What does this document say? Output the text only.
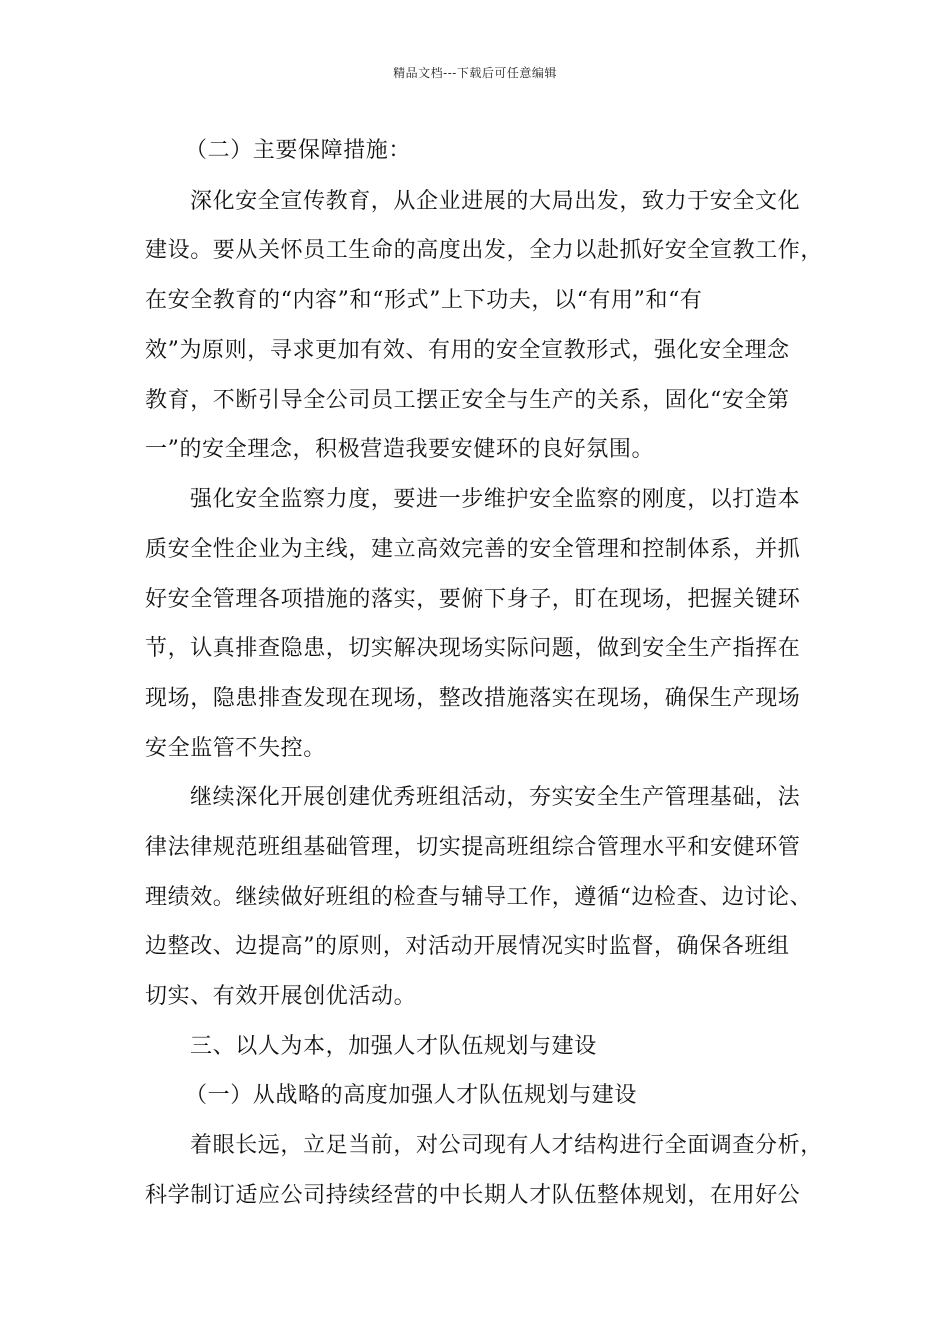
精品文档---下载后可任意编辑
（二）主要保障措施：
深化安全宣传教育，从企业进展的大局出发，致力于安全文化
建设。要从关怀员工生命的高度出发，全力以赴抓好安全宣教工作，
在安全教育的“内容”和“形式”上下功夫，以“有用”和“有
效”为原则，寻求更加有效、有用的安全宣教形式，强化安全理念
教育，不断引导全公司员工摆正安全与生产的关系，固化“安全第
一”的安全理念，积极营造我要安健环的良好氛围。
强化安全监察力度，要进一步维护安全监察的刚度，以打造本
质安全性企业为主线，建立高效完善的安全管理和控制体系，并抓
好安全管理各项措施的落实，要俯下身子，盯在现场，把握关键环
节，认真排查隐患，切实解决现场实际问题，做到安全生产指挥在
现场，隐患排查发现在现场，整改措施落实在现场，确保生产现场
安全监管不失控。
继续深化开展创建优秀班组活动，夯实安全生产管理基础，法
律法律规范班组基础管理，切实提高班组综合管理水平和安健环管
理绩效。继续做好班组的检查与辅导工作，遵循“边检查、边讨论、
边整改、边提高”的原则，对活动开展情况实时监督，确保各班组
切实、有效开展创优活动。
三、以人为本，加强人才队伍规划与建设
（一）从战略的高度加强人才队伍规划与建设
着眼长远，立足当前，对公司现有人才结构进行全面调查分析，
科学制订适应公司持续经营的中长期人才队伍整体规划，在用好公
